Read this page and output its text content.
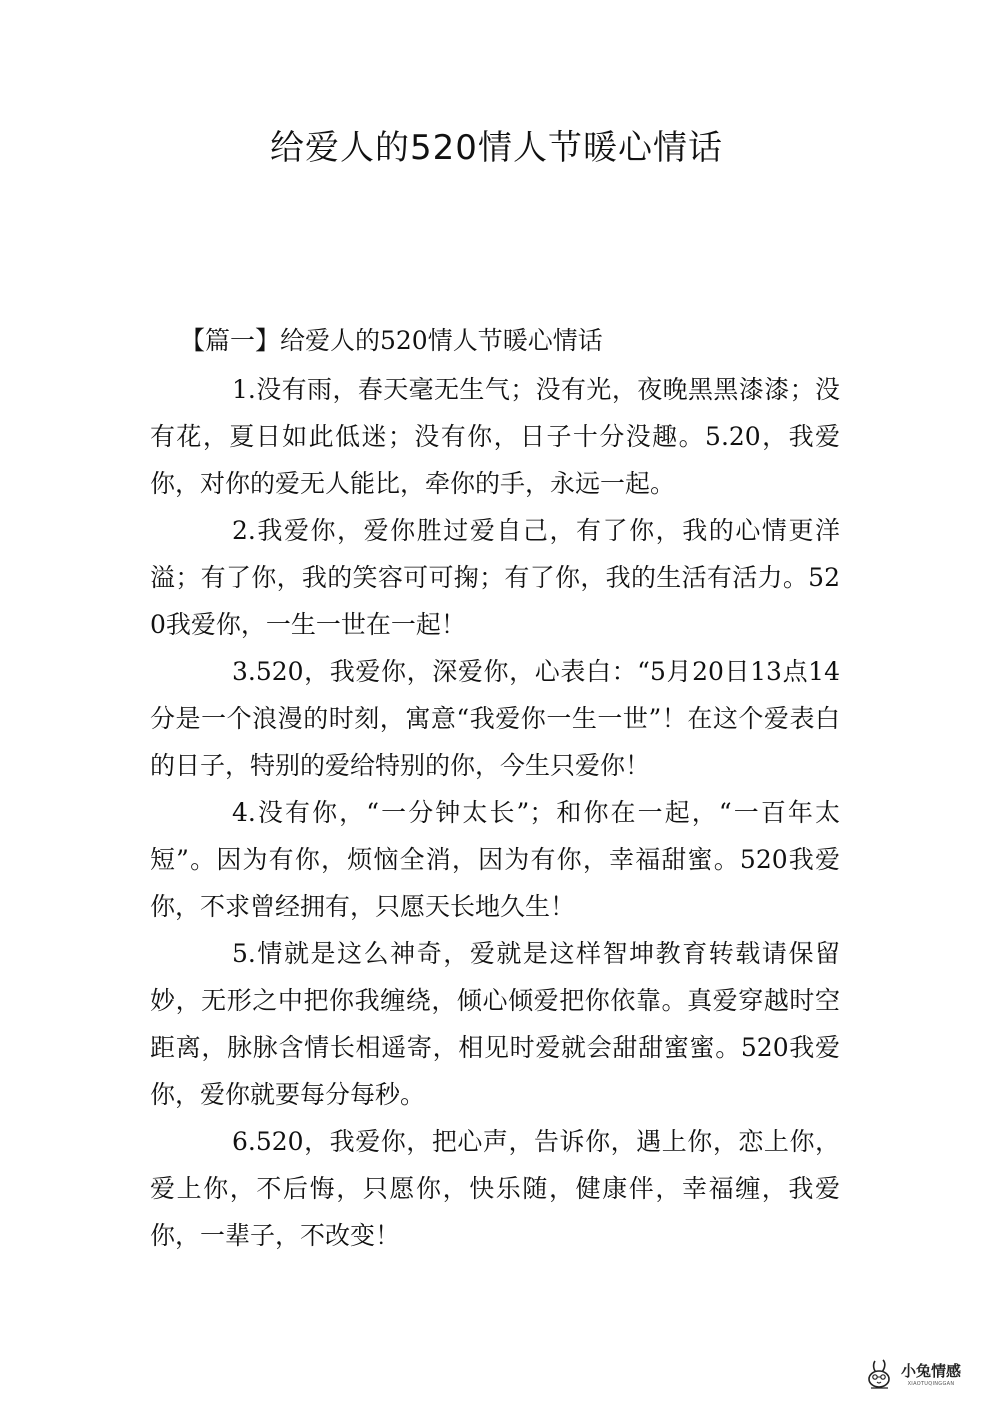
给爱人的520情人节暖心情话
【篇一】给爱人的520情人节暖心情话

1.没有雨，春天毫无生气；没有光，夜晚黑黑漆漆；没有花，夏日如此低迷；没有你，日子十分没趣。5.20，我爱你，对你的爱无人能比，牵你的手，永远一起。

2.我爱你，爱你胜过爱自己，有了你，我的心情更洋溢；有了你，我的笑容可可掬；有了你，我的生活有活力。520我爱你，一生一世在一起！

3.520，我爱你，深爱你，心表白：“5月20日13点14分是一个浪漫的时刻，寓意“我爱你一生一世”！在这个爱表白的日子，特别的爱给特别的你，今生只爱你！

4.没有你，“一分钟太长”；和你在一起，“一百年太短”。因为有你，烦恼全消，因为有你，幸福甜蜜。520我爱你，不求曾经拥有，只愿天长地久生！

5.情就是这么神奇，爱就是这样智坤教育转载请保留妙，无形之中把你我缠绕，倾心倾爱把你依靠。真爱穿越时空距离，脉脉含情长相遥寄，相见时爱就会甜甜蜜蜜。520我爱你，爱你就要每分每秒。

6.520，我爱你，把心声，告诉你，遇上你，恋上你，爱上你，不后悔，只愿你，快乐随，健康伴，幸福缠，我爱你，一辈子，不改变！

小兔情感
XIAOTUQINGGAN
